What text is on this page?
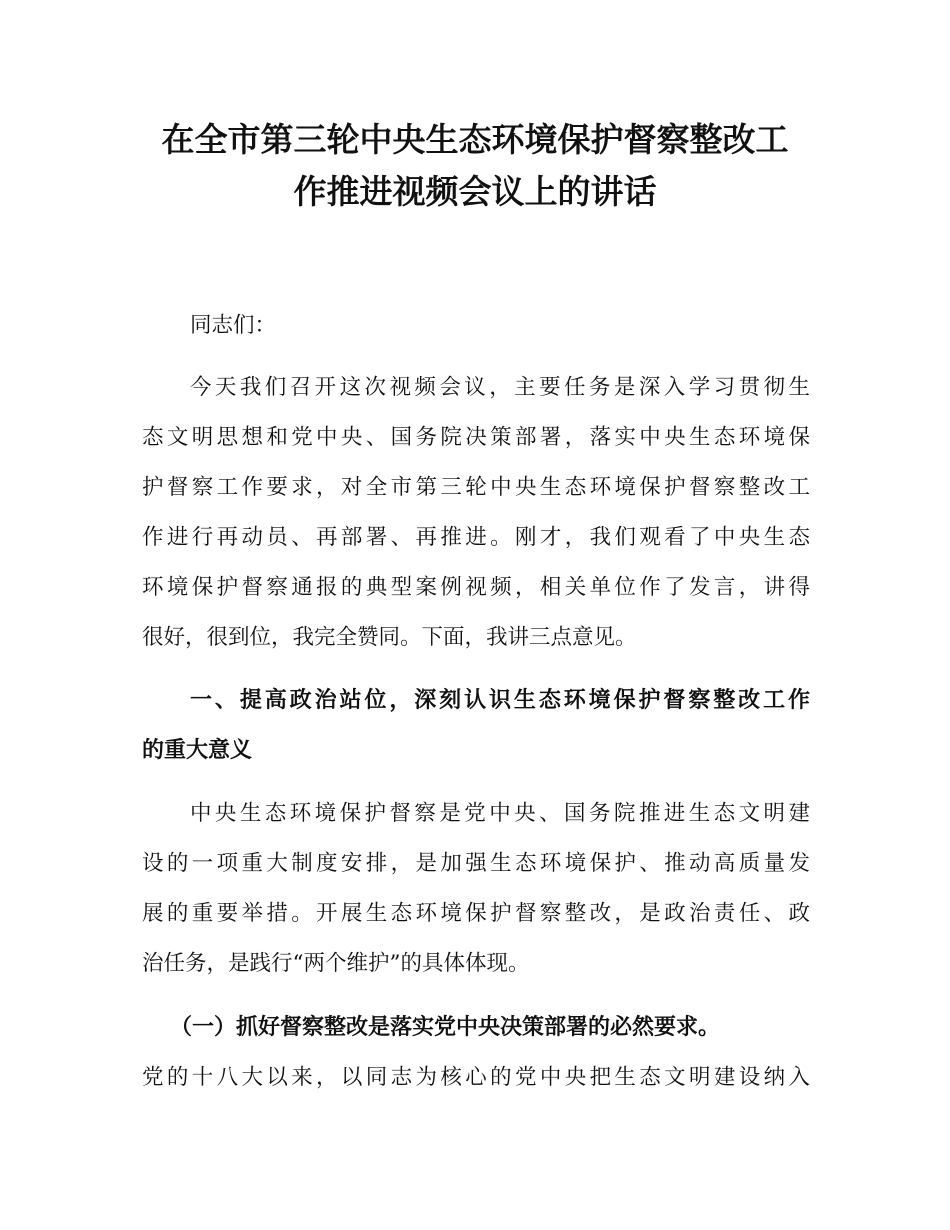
在全市第三轮中央生态环境保护督察整改工
作推进视频会议上的讲话
同志们：
今天我们召开这次视频会议，主要任务是深入学习贯彻生
态文明思想和党中央、国务院决策部署，落实中央生态环境保
护督察工作要求，对全市第三轮中央生态环境保护督察整改工
作进行再动员、再部署、再推进。刚才，我们观看了中央生态
环境保护督察通报的典型案例视频，相关单位作了发言，讲得
很好，很到位，我完全赞同。下面，我讲三点意见。
一、提高政治站位，深刻认识生态环境保护督察整改工作
的重大意义
中央生态环境保护督察是党中央、国务院推进生态文明建
设的一项重大制度安排，是加强生态环境保护、推动高质量发
展的重要举措。开展生态环境保护督察整改，是政治责任、政
治任务，是践行“两个维护”的具体体现。
（一）抓好督察整改是落实党中央决策部署的必然要求。
党的十八大以来，以同志为核心的党中央把生态文明建设纳入
